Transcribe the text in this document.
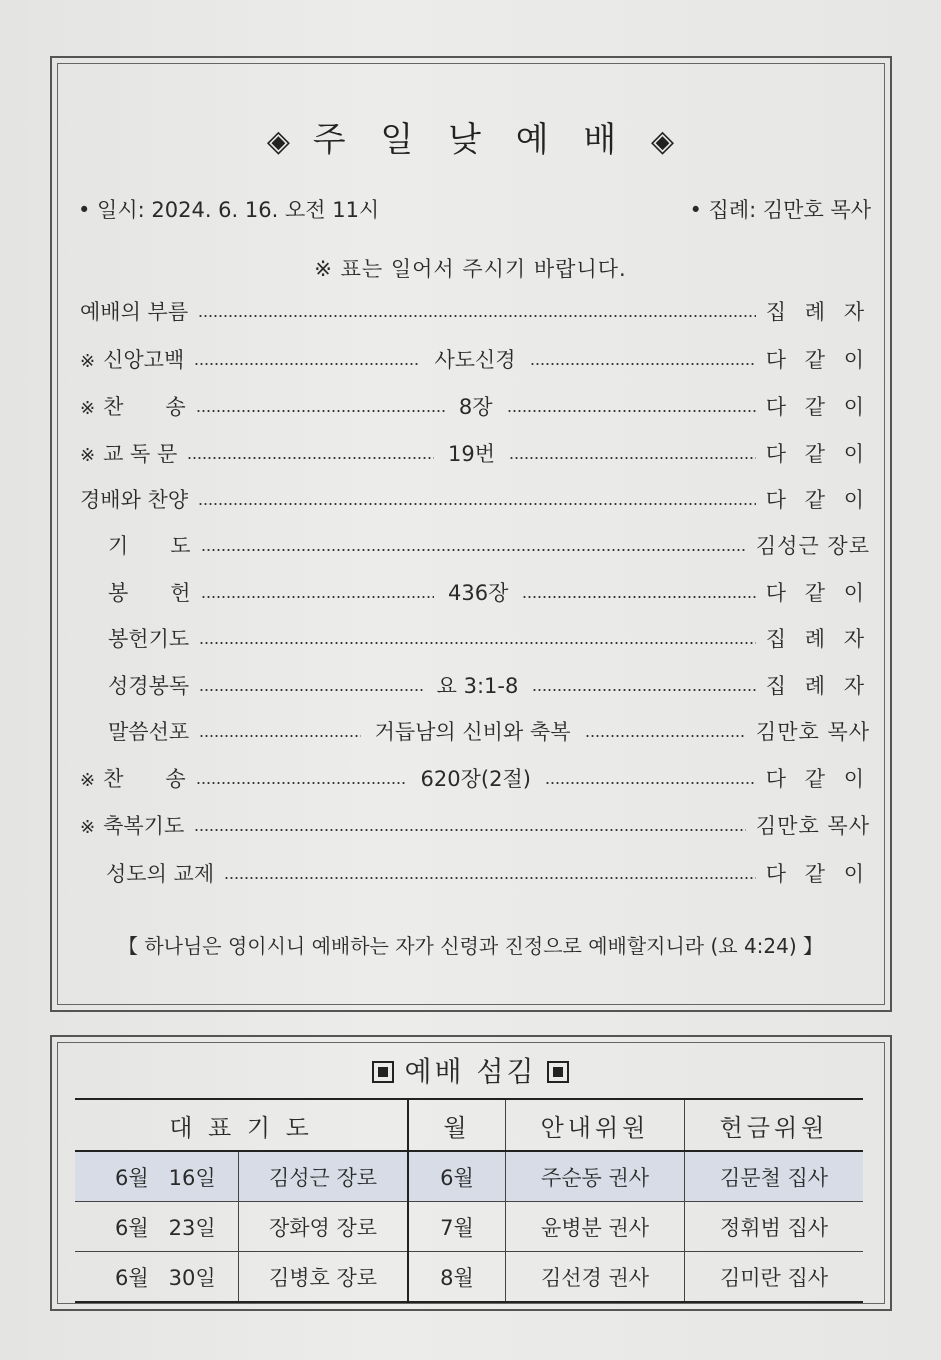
◈ 주 일 낮 예 배 ◈
• 일시: 2024. 6. 16. 오전 11시	• 집례: 김만호 목사
※ 표는 일어서 주시기 바랍니다.
예배의 부름	집 례 자
※ 신앙고백	사도신경	다 같 이
※ 찬　　송	8장	다 같 이
※ 교 독 문	19번	다 같 이
경배와 찬양	다 같 이
기　　도	김성근 장로
봉　　헌	436장	다 같 이
봉헌기도	집 례 자
성경봉독	요 3:1-8	집 례 자
말씀선포	거듭남의 신비와 축복	김만호 목사
※ 찬　　송	620장(2절)	다 같 이
※ 축복기도	김만호 목사
성도의 교제	다 같 이
【 하나님은 영이시니 예배하는 자가 신령과 진정으로 예배할지니라 (요 4:24) 】
예배 섬김
대 표 기 도		월	안내위원	헌금위원
6월   16일	김성근 장로	6월	주순동 권사	김문철 집사
6월   23일	장화영 장로	7월	윤병분 권사	정휘범 집사
6월   30일	김병호 장로	8월	김선경 권사	김미란 집사
